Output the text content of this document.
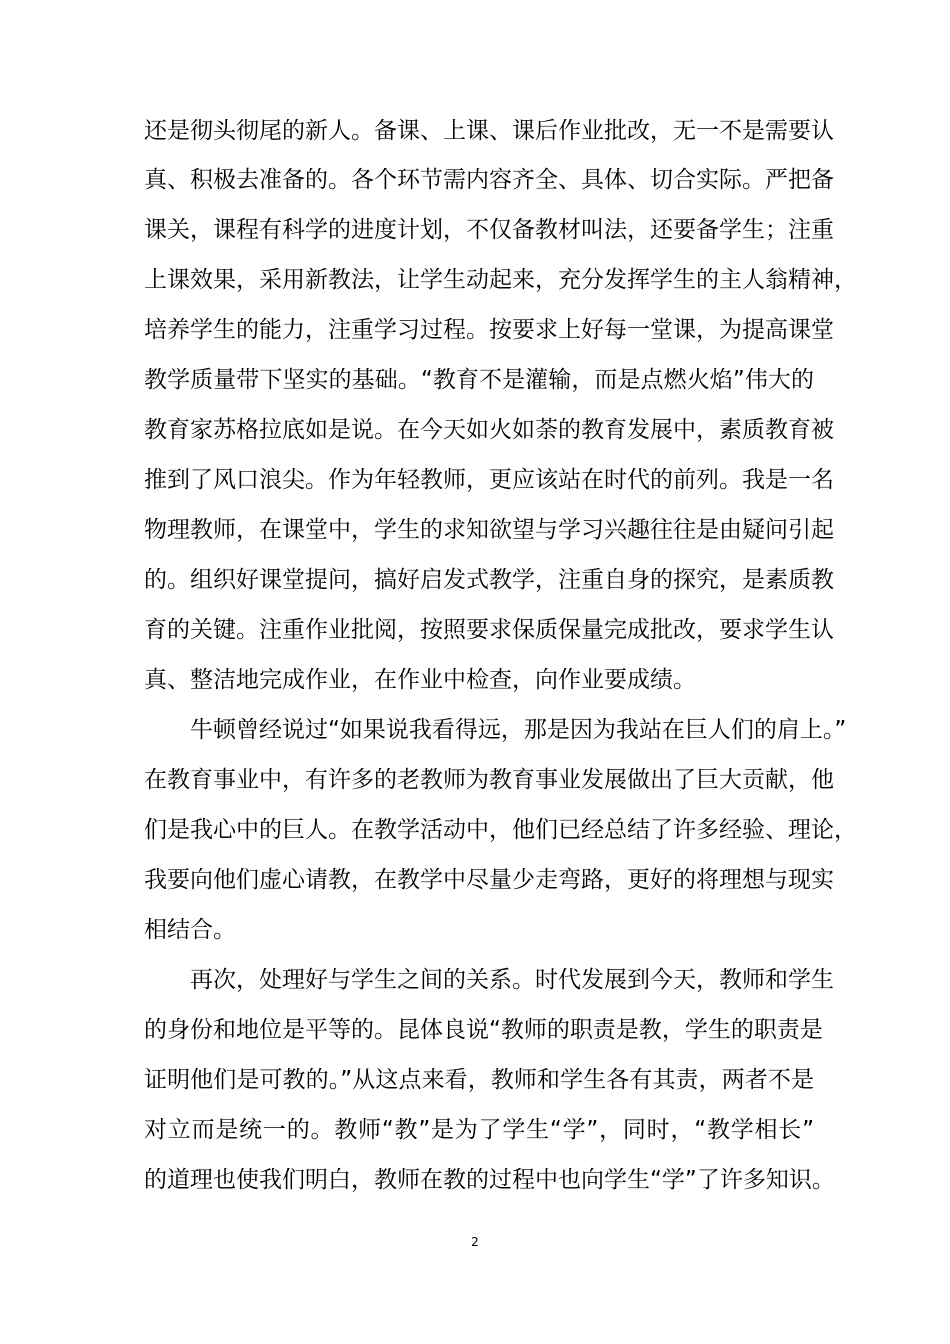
还是彻头彻尾的新人。备课、上课、课后作业批改，无一不是需要认
真、积极去准备的。各个环节需内容齐全、具体、切合实际。严把备
课关，课程有科学的进度计划，不仅备教材叫法，还要备学生；注重
上课效果，采用新教法，让学生动起来，充分发挥学生的主人翁精神，
培养学生的能力，注重学习过程。按要求上好每一堂课，为提高课堂
教学质量带下坚实的基础。“教育不是灌输，而是点燃火焰”伟大的
教育家苏格拉底如是说。在今天如火如荼的教育发展中，素质教育被
推到了风口浪尖。作为年轻教师，更应该站在时代的前列。我是一名
物理教师，在课堂中，学生的求知欲望与学习兴趣往往是由疑问引起
的。组织好课堂提问，搞好启发式教学，注重自身的探究，是素质教
育的关键。注重作业批阅，按照要求保质保量完成批改，要求学生认
真、整洁地完成作业，在作业中检查，向作业要成绩。
牛顿曾经说过“如果说我看得远，那是因为我站在巨人们的肩上。”
在教育事业中，有许多的老教师为教育事业发展做出了巨大贡献，他
们是我心中的巨人。在教学活动中，他们已经总结了许多经验、理论，
我要向他们虚心请教，在教学中尽量少走弯路，更好的将理想与现实
相结合。
再次，处理好与学生之间的关系。时代发展到今天，教师和学生
的身份和地位是平等的。昆体良说“教师的职责是教，学生的职责是
证明他们是可教的。”从这点来看，教师和学生各有其责，两者不是
对立而是统一的。教师“教”是为了学生“学”，同时，“教学相长”
的道理也使我们明白，教师在教的过程中也向学生“学”了许多知识。
2
